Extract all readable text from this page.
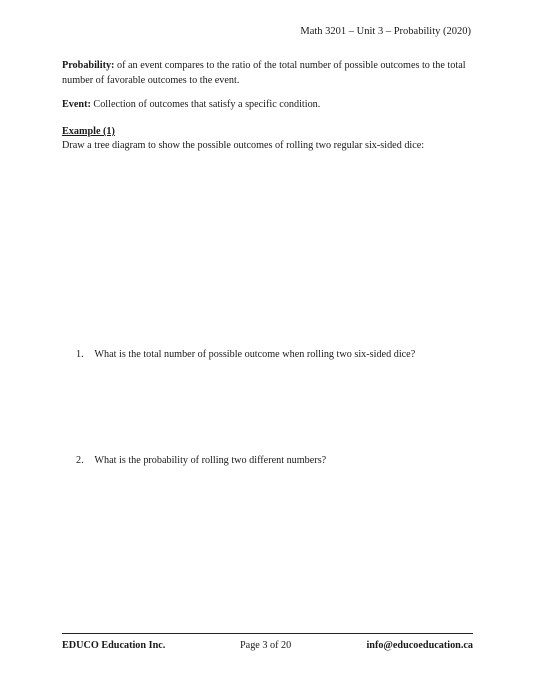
Math 3201 – Unit 3 – Probability (2020)
Probability: of an event compares to the ratio of the total number of possible outcomes to the total number of favorable outcomes to the event.
Event: Collection of outcomes that satisfy a specific condition.
Example (1)
Draw a tree diagram to show the possible outcomes of rolling two regular six-sided dice:
1. What is the total number of possible outcome when rolling two six-sided dice?
2. What is the probability of rolling two different numbers?
EDUCO Education Inc.	Page 3 of 20	info@educoeducation.ca
